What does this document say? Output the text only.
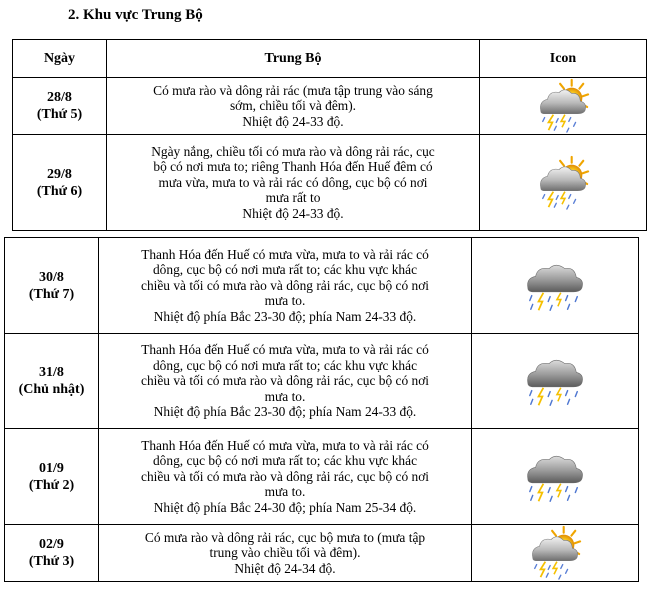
2. Khu vực Trung Bộ
Ngày	Trung Bộ	Icon

28/8
(Thứ 5)	Có mưa rào và dông rải rác (mưa tập trung vào sáng
sớm, chiều tối và đêm).
Nhiệt độ 24-33 độ.

29/8
(Thứ 6)	Ngày nắng, chiều tối có mưa rào và dông rải rác, cục
bộ có nơi mưa to; riêng Thanh Hóa đến Huế đêm có
mưa vừa, mưa to và rải rác có dông, cục bộ có nơi
mưa rất to
Nhiệt độ 24-33 độ.

30/8
(Thứ 7)	Thanh Hóa đến Huế có mưa vừa, mưa to và rải rác có
dông, cục bộ có nơi mưa rất to; các khu vực khác
chiều và tối có mưa rào và dông rải rác, cục bộ có nơi
mưa to.
Nhiệt độ phía Bắc 23-30 độ; phía Nam 24-33 độ.

31/8
(Chủ nhật)	Thanh Hóa đến Huế có mưa vừa, mưa to và rải rác có
dông, cục bộ có nơi mưa rất to; các khu vực khác
chiều và tối có mưa rào và dông rải rác, cục bộ có nơi
mưa to.
Nhiệt độ phía Bắc 23-30 độ; phía Nam 24-33 độ.

01/9
(Thứ 2)	Thanh Hóa đến Huế có mưa vừa, mưa to và rải rác có
dông, cục bộ có nơi mưa rất to; các khu vực khác
chiều và tối có mưa rào và dông rải rác, cục bộ có nơi
mưa to.
Nhiệt độ phía Bắc 24-30 độ; phía Nam 25-34 độ.

02/9
(Thứ 3)	Có mưa rào và dông rải rác, cục bộ mưa to (mưa tập
trung vào chiều tối và đêm).
Nhiệt độ 24-34 độ.
